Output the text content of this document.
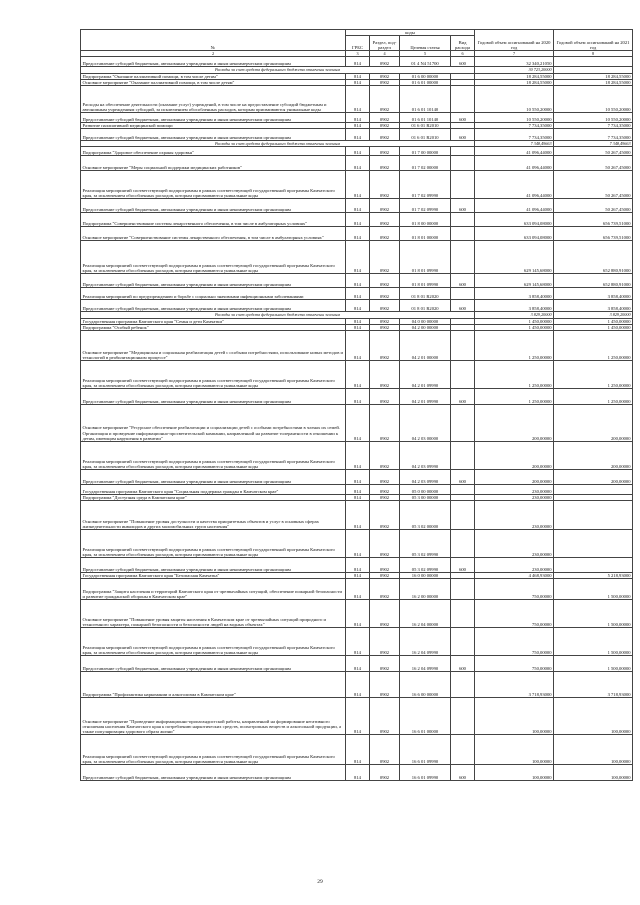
№	коды				Годовой объем ассигнований на 2020 год	Годовой объем ассигнований на 2021 год
	ГРБС	Раздел, под-раздел	Целевая статья	Вид расхода		
2	3	4	5	6	7	8
Предоставление субсидий бюджетным, автономным учреждениям и иным некоммерческим организациям	814	0902	01 4 N4 51700	600	32 340,21050	
Расходы за счет средств федерального бюджета отмечены зеленым					30 723,20000	
Подпрограмма "Оказание паллиативной помощи, в том числе детям"	814	0902	01 6 00 00000		18 284,55000	18 284,55000
Основное мероприятие "Оказание паллиативной помощи, в том числе детям"	814	0902	01 6 01 00000		18 284,55000	18 284,55000
Расходы на обеспечение деятельности (оказание услуг) учреждений, в том числе на предоставление субсидий бюджетным и автономным учреждениям субсидий, за исключением обособленных расходов, которым присваиваются уникальные коды	814	0902	01 6 01 10140		10 550,20000	10 550,20000
Предоставление субсидий бюджетным, автономным учреждениям и иным некоммерческим организациям	814	0902	01 6 01 10140	600	10 550,20000	10 550,20000
Развитие паллиативной медицинской помощи	814	0902	01 6 01 R2010		7 734,35000	7 734,35000
Предоставление субсидий бюджетным, автономным учреждениям и иным некоммерческим организациям	814	0902	01 6 01 R2010	600	7 734,35000	7 734,35000
Расходы за счет средств федерального бюджета отмечены зеленым					7 348,49663	7 348,49663
Подпрограмма "Здоровое обеспечение охраны здоровья"	814	0902	01 7 00 00000		41 096,44000	50 267,45000
Основное мероприятие "Меры социальной поддержки медицинских работников"	814	0902	01 7 02 00000		41 096,44000	50 267,45000
Реализация мероприятий соответствующей подпрограммы в рамках соответствующей государственной программы Камчатского края, за исключением обособленных расходов, которым присваиваются уникальные коды	814	0902	01 7 02 09990		41 096,44000	50 267,45000
Предоставление субсидий бюджетным, автономным учреждениям и иным некоммерческим организациям	814	0902	01 7 02 09990	600	41 096,44000	50 267,45000
Подпрограмма "Совершенствование системы лекарственного обеспечения, в том числе в амбулаторных условиях"	814	0902	01 8 00 00000		633 094,08000	656 739,51000
Основное мероприятие "Совершенствование системы лекарственного обеспечения, в том числе в амбулаторных условиях"	814	0902	01 8 01 00000		633 094,08000	656 739,51000
Реализация мероприятий соответствующей подпрограммы в рамках соответствующей государственной программы Камчатского края, за исключением обособленных расходов, которым присваиваются уникальные коды	814	0902	01 8 01 09990		629 145,68000	652 880,91000
Предоставление субсидий бюджетным, автономным учреждениям и иным некоммерческим организациям	814	0902	01 8 01 09990	600	629 145,68000	652 880,91000
Реализация мероприятий по предупреждению и борьбе с социально значимыми инфекционными заболеваниями	814	0902	01 8 01 R2020		3 858,40000	3 858,40000
Предоставление субсидий бюджетным, автономным учреждениям и иным некоммерческим организациям	814	0902	01 8 01 R2020	600	3 858,40000	3 858,40000
Расходы за счет средств федерального бюджета отмечены зеленым					3 829,20000	3 829,20000
Государственная программа Камчатского края "Семья и дети Камчатки"	814	0902	04 0 00 00000		1 450,00000	1 450,00000
Подпрограмма "Особый ребенок"	814	0902	04 2 00 00000		1 450,00000	1 450,00000
Основное мероприятие "Медицинская и социальная реабилитация детей с особыми потребностями, использование новых методов и технологий в реабилитационном процессе"	814	0902	04 2 01 00000		1 250,00000	1 250,00000
Реализация мероприятий соответствующей подпрограммы в рамках соответствующей государственной программы Камчатского края, за исключением обособленных расходов, которым присваиваются уникальные коды	814	0902	04 2 01 09990		1 250,00000	1 250,00000
Предоставление субсидий бюджетным, автономным учреждениям и иным некоммерческим организациям	814	0902	04 2 01 09990	600	1 250,00000	1 250,00000
Основное мероприятие "Ресурсное обеспечение реабилитации и социализации детей с особыми потребностями в членах их семей. Организация и проведение информационно-просветительской кампании, направленной на развитие толерантности в отношении к детям, имеющим нарушения в развитии"	814	0902	04 2 03 00000		200,00000	200,00000
Реализация мероприятий соответствующей подпрограммы в рамках соответствующей государственной программы Камчатского края, за исключением обособленных расходов, которым присваиваются уникальные коды	814	0902	04 2 03 09990		200,00000	200,00000
Предоставление субсидий бюджетным, автономным учреждениям и иным некоммерческим организациям	814	0902	04 2 03 09990	600	200,00000	200,00000
Государственная программа Камчатского края "Социальная поддержка граждан в Камчатском крае"	814	0902	05 0 00 00000		230,00000	
Подпрограмма "Доступная среда в Камчатском крае"	814	0902	05 3 00 00000		230,00000	
Основное мероприятие "Повышение уровня доступности и качества приоритетных объектов и услуг в основных сферах жизнедеятельности инвалидов и других маломобильных групп населения"	814	0902	05 3 02 00000		230,00000	
Реализация мероприятий соответствующей подпрограммы в рамках соответствующей государственной программы Камчатского края, за исключением обособленных расходов, которым присваиваются уникальные коды	814	0902	05 3 02 09990		230,00000	
Предоставление субсидий бюджетным, автономным учреждениям и иным некоммерческим организациям	814	0902	05 3 02 09990	600	230,00000	
Государственная программа Камчатского края "Безопасная Камчатка"	814	0902	16 0 00 00000		4 468,93000	5 218,93000
Подпрограмма "Защита населения и территорий Камчатского края от чрезвычайных ситуаций, обеспечение пожарной безопасности и развитие гражданской обороны в Камчатском крае"	814	0902	16 2 00 00000		750,00000	1 500,00000
Основное мероприятие "Повышение уровня защиты населения в Камчатском крае от чрезвычайных ситуаций природного и техногенного характера, пожарной безопасности и безопасности людей на водных объектах"	814	0902	16 2 04 00000		750,00000	1 500,00000
Реализация мероприятий соответствующей подпрограммы в рамках соответствующей государственной программы Камчатского края, за исключением обособленных расходов, которым присваиваются уникальные коды	814	0902	16 2 04 09990		750,00000	1 500,00000
Предоставление субсидий бюджетным, автономным учреждениям и иным некоммерческим организациям	814	0902	16 2 04 09990	600	750,00000	1 500,00000
Подпрограмма "Профилактика наркомании и алкоголизма в Камчатском крае"	814	0902	16 6 00 00000		3 718,93000	3 718,93000
Основное мероприятие "Проведение информационно-пропагандистской работы, направленной на формирование негативного отношения населения Камчатского края к потреблению наркотических средств, психотропных веществ и алкогольной продукции, а также популяризация здорового образа жизни"	814	0902	16 6 01 00000		100,00000	100,00000
Реализация мероприятий соответствующей подпрограммы в рамках соответствующей государственной программы Камчатского края, за исключением обособленных расходов, которым присваиваются уникальные коды	814	0902	16 6 01 09990		100,00000	100,00000
Предоставление субсидий бюджетным, автономным учреждениям и иным некоммерческим организациям	814	0902	16 6 01 09990	600	100,00000	100,00000
29
